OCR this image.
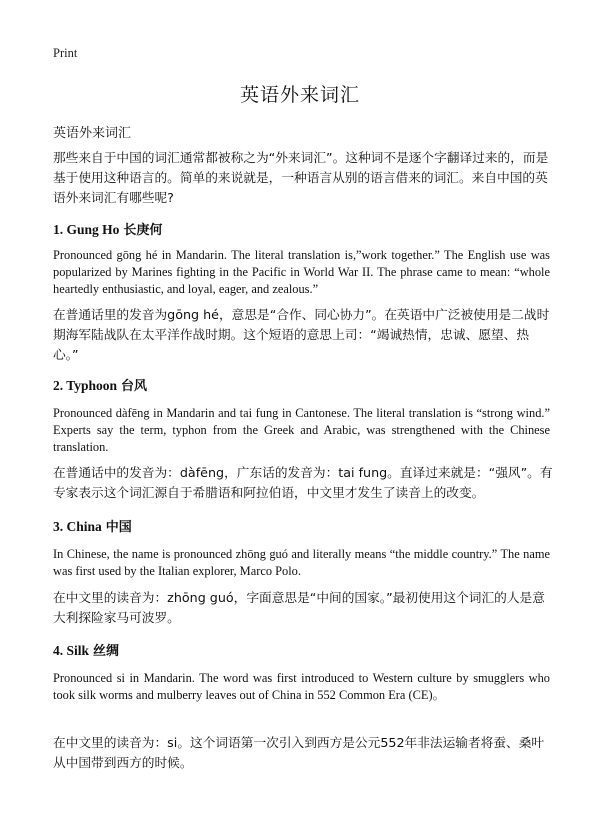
Print
英语外来词汇
英语外来词汇

那些来自于中国的词汇通常都被称之为“外来词汇”。这种词不是逐个字翻译过来的，而是基于使用这种语言的。简单的来说就是，一种语言从别的语言借来的词汇。来自中国的英语外来词汇有哪些呢?

1. Gung Ho 长庚何

Pronounced gōng hé in Mandarin. The literal translation is,”work together.” The English use was popularized by Marines fighting in the Pacific in World War II. The phrase came to mean: “whole heartedly enthusiastic, and loyal, eager, and zealous.”

在普通话里的发音为gōng hé，意思是“合作、同心协力”。在英语中广泛被使用是二战时期海军陆战队在太平洋作战时期。这个短语的意思上司：“竭诚热情，忠诚、愿望、热心。”

2. Typhoon 台风

Pronounced dàfēng in Mandarin and tai fung in Cantonese. The literal translation is “strong wind.” Experts say the term, typhon from the Greek and Arabic, was strengthened with the Chinese translation.

在普通话中的发音为：dàfēng，广东话的发音为：tai fung。直译过来就是：“强风”。有专家表示这个词汇源自于希腊语和阿拉伯语，中文里才发生了读音上的改变。

3. China 中国

In Chinese, the name is pronounced zhōng guó and literally means “the middle country.” The name was first used by the Italian explorer, Marco Polo.

在中文里的读音为：zhōng guó，字面意思是“中间的国家。”最初使用这个词汇的人是意大利探险家马可波罗。

4. Silk 丝绸

Pronounced si in Mandarin. The word was first introduced to Western culture by smugglers who took silk worms and mulberry leaves out of China in 552 Common Era (CE)。

在中文里的读音为：si。这个词语第一次引入到西方是公元552年非法运输者将蚕、桑叶从中国带到西方的时候。
